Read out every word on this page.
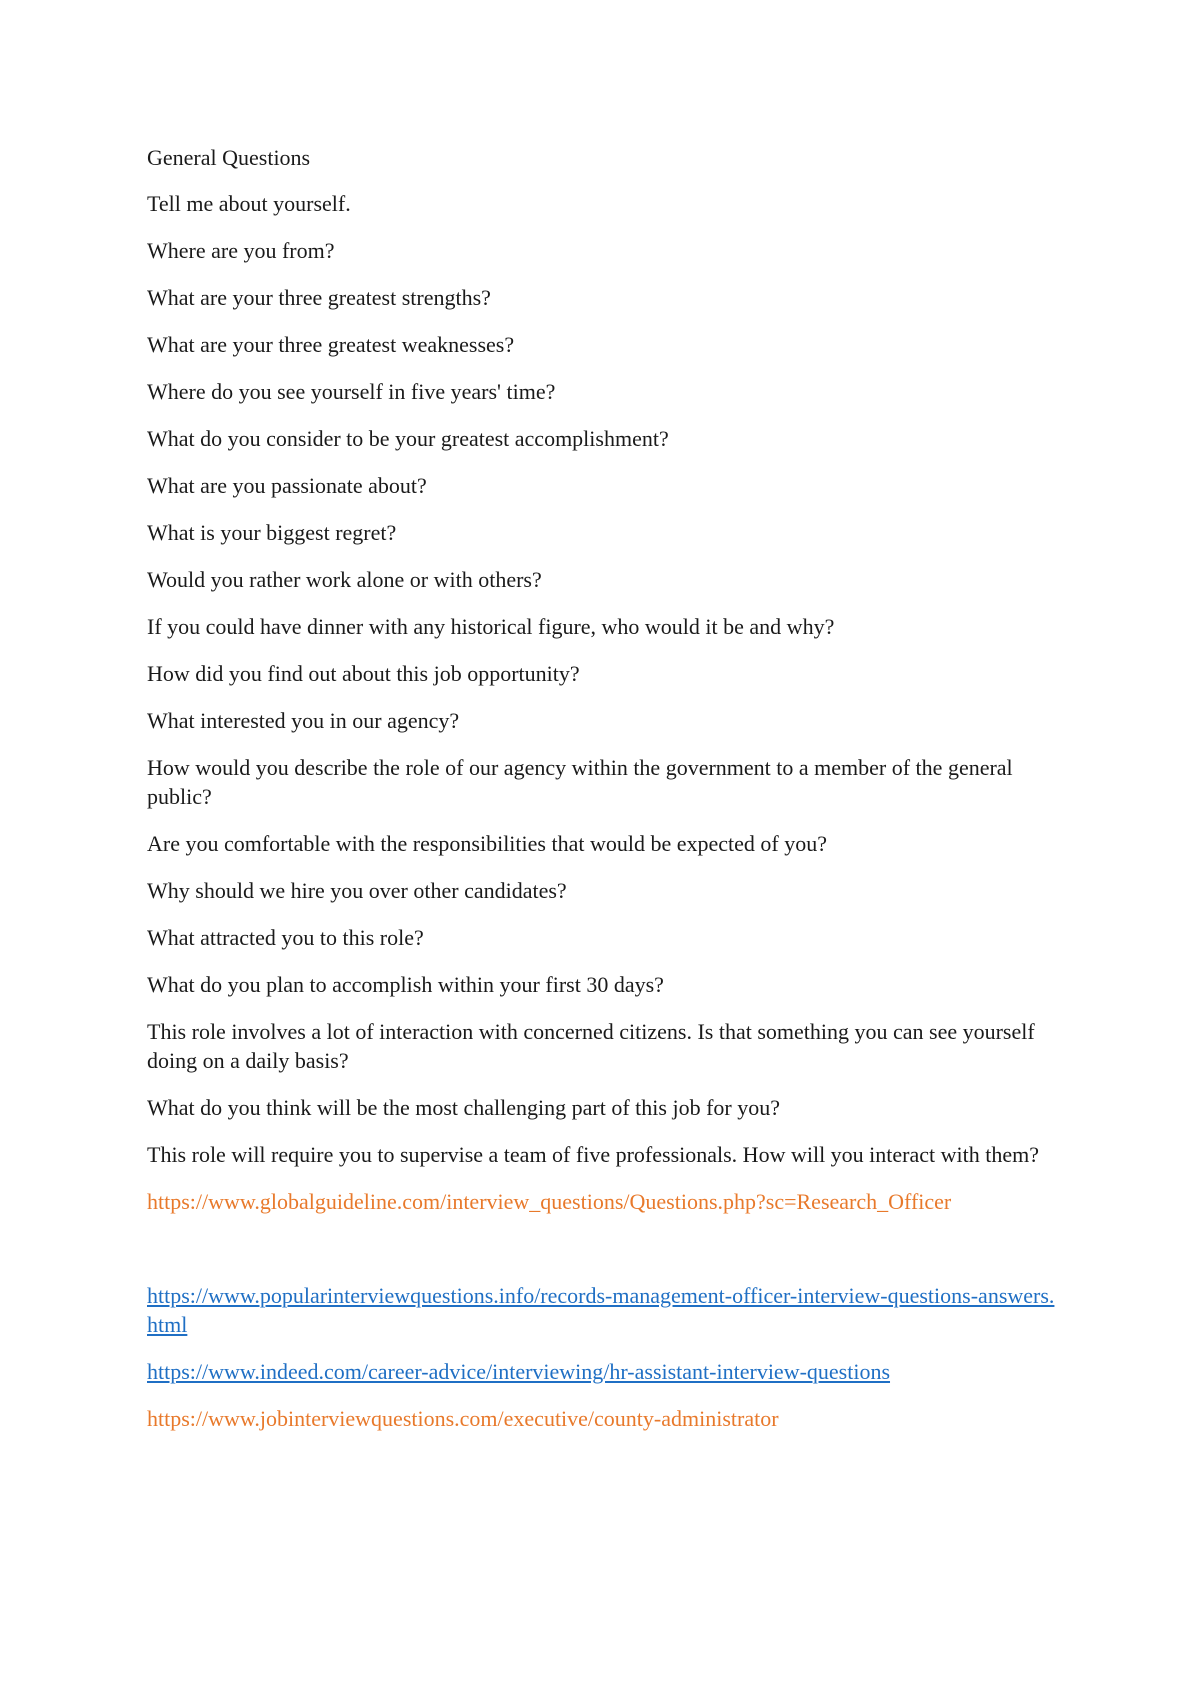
General Questions

Tell me about yourself.

Where are you from?

What are your three greatest strengths?

What are your three greatest weaknesses?

Where do you see yourself in five years' time?

What do you consider to be your greatest accomplishment?

What are you passionate about?

What is your biggest regret?

Would you rather work alone or with others?

If you could have dinner with any historical figure, who would it be and why?

How did you find out about this job opportunity?

What interested you in our agency?

How would you describe the role of our agency within the government to a member of the general public?

Are you comfortable with the responsibilities that would be expected of you?

Why should we hire you over other candidates?

What attracted you to this role?

What do you plan to accomplish within your first 30 days?

This role involves a lot of interaction with concerned citizens. Is that something you can see yourself doing on a daily basis?

What do you think will be the most challenging part of this job for you?

This role will require you to supervise a team of five professionals. How will you interact with them?

https://www.globalguideline.com/interview_questions/Questions.php?sc=Research_Officer
https://www.popularinterviewquestions.info/records-management-officer-interview-questions-answers.html
https://www.indeed.com/career-advice/interviewing/hr-assistant-interview-questions
https://www.jobinterviewquestions.com/executive/county-administrator
